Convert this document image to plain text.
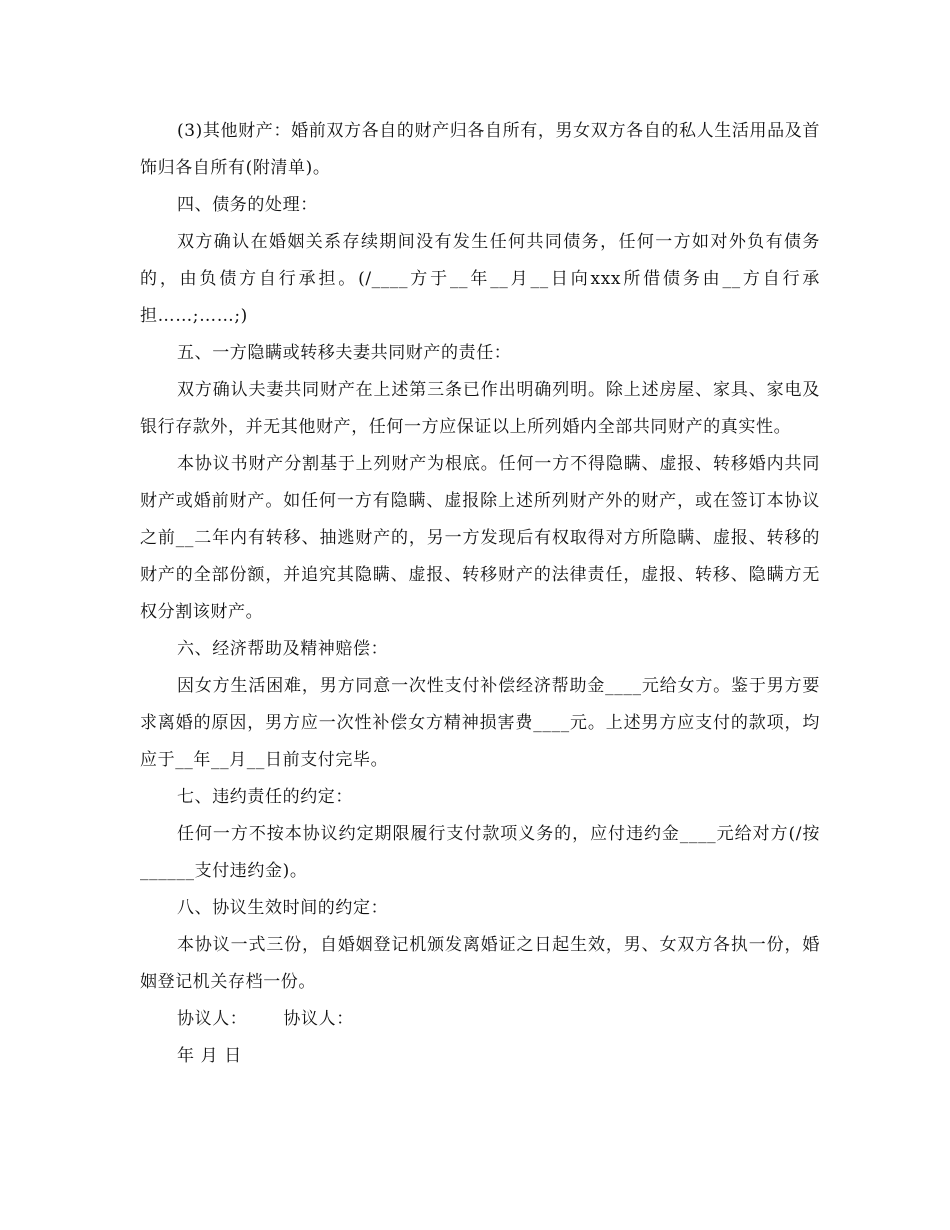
(3)其他财产：婚前双方各自的财产归各自所有，男女双方各自的私人生活用品及首饰归各自所有(附清单)。

四、债务的处理：

双方确认在婚姻关系存续期间没有发生任何共同债务，任何一方如对外负有债务的，由负债方自行承担。(/____方于__年__月__日向xxx所借债务由__方自行承担……;……;)

五、一方隐瞒或转移夫妻共同财产的责任：

双方确认夫妻共同财产在上述第三条已作出明确列明。除上述房屋、家具、家电及银行存款外，并无其他财产，任何一方应保证以上所列婚内全部共同财产的真实性。

本协议书财产分割基于上列财产为根底。任何一方不得隐瞒、虚报、转移婚内共同财产或婚前财产。如任何一方有隐瞒、虚报除上述所列财产外的财产，或在签订本协议之前__二年内有转移、抽逃财产的，另一方发现后有权取得对方所隐瞒、虚报、转移的财产的全部份额，并追究其隐瞒、虚报、转移财产的法律责任，虚报、转移、隐瞒方无权分割该财产。

六、经济帮助及精神赔偿：

因女方生活困难，男方同意一次性支付补偿经济帮助金____元给女方。鉴于男方要求离婚的原因，男方应一次性补偿女方精神损害费____元。上述男方应支付的款项，均应于__年__月__日前支付完毕。

七、违约责任的约定：

任何一方不按本协议约定期限履行支付款项义务的，应付违约金____元给对方(/按______支付违约金)。

八、协议生效时间的约定：

本协议一式三份，自婚姻登记机颁发离婚证之日起生效，男、女双方各执一份，婚姻登记机关存档一份。

协议人：      协议人：

年 月 日
